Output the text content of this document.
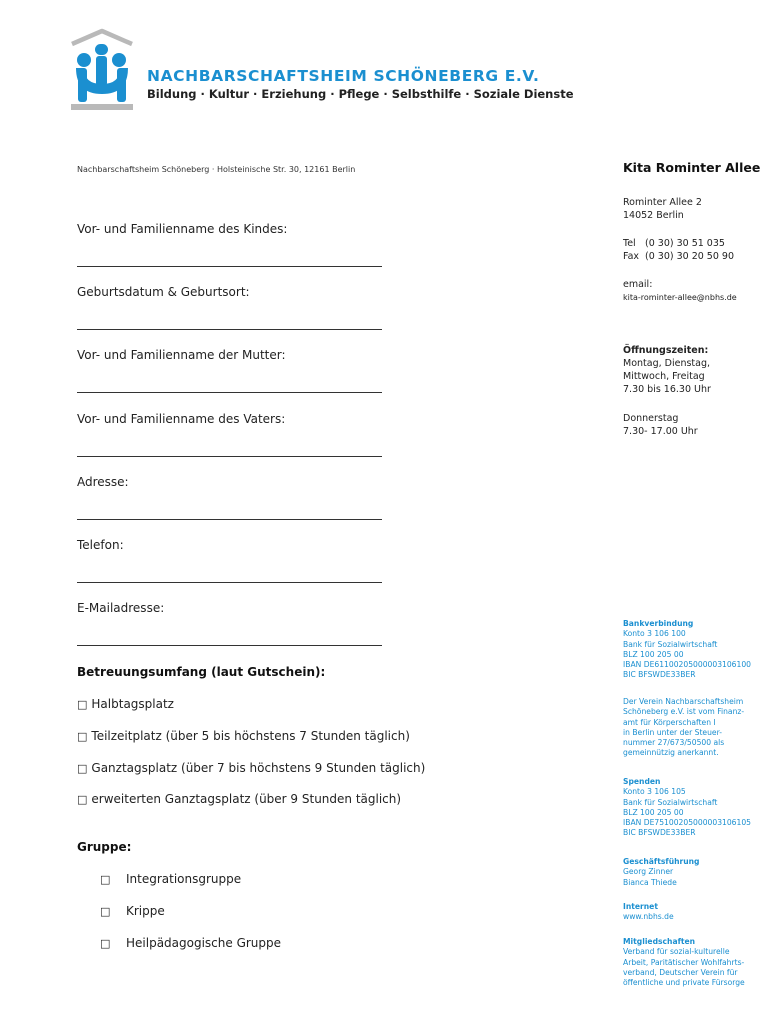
NACHBARSCHAFTSHEIM SCHÖNEBERG E.V.
Bildung · Kultur · Erziehung · Pflege · Selbsthilfe · Soziale Dienste
Nachbarschaftsheim Schöneberg · Holsteinische Str. 30, 12161 Berlin
Vor- und Familienname des Kindes:
Geburtsdatum & Geburtsort:
Vor- und Familienname der Mutter:
Vor- und Familienname des Vaters:
Adresse:
Telefon:
E-Mailadresse:
Betreuungsumfang (laut Gutschein):
□ Halbtagsplatz
□ Teilzeitplatz (über 5 bis höchstens 7 Stunden täglich)
□ Ganztagsplatz (über 7 bis höchstens 9 Stunden täglich)
□ erweiterten Ganztagsplatz (über 9 Stunden täglich)
Gruppe:
□ Integrationsgruppe
□ Krippe
□ Heilpädagogische Gruppe
Kita Rominter Allee
Rominter Allee 2
14052 Berlin
Tel (0 30) 30 51 035
Fax (0 30) 30 20 50 90
email:
kita-rominter-allee@nbhs.de
Öffnungszeiten:
Montag, Dienstag,
Mittwoch, Freitag
7.30 bis 16.30 Uhr
Donnerstag
7.30- 17.00 Uhr
Bankverbindung
Konto 3 106 100
Bank für Sozialwirtschaft
BLZ 100 205 00
IBAN DE61100205000003106100
BIC BFSWDE33BER
Der Verein Nachbarschaftsheim
Schöneberg e.V. ist vom Finanz-
amt für Körperschaften I
in Berlin unter der Steuer-
nummer 27/673/50500 als
gemeinnützig anerkannt.
Spenden
Konto 3 106 105
Bank für Sozialwirtschaft
BLZ 100 205 00
IBAN DE75100205000003106105
BIC BFSWDE33BER
Geschäftsführung
Georg Zinner
Bianca Thiede
Internet
www.nbhs.de
Mitgliedschaften
Verband für sozial-kulturelle
Arbeit, Paritätischer Wohlfahrts-
verband, Deutscher Verein für
öffentliche und private Fürsorge
